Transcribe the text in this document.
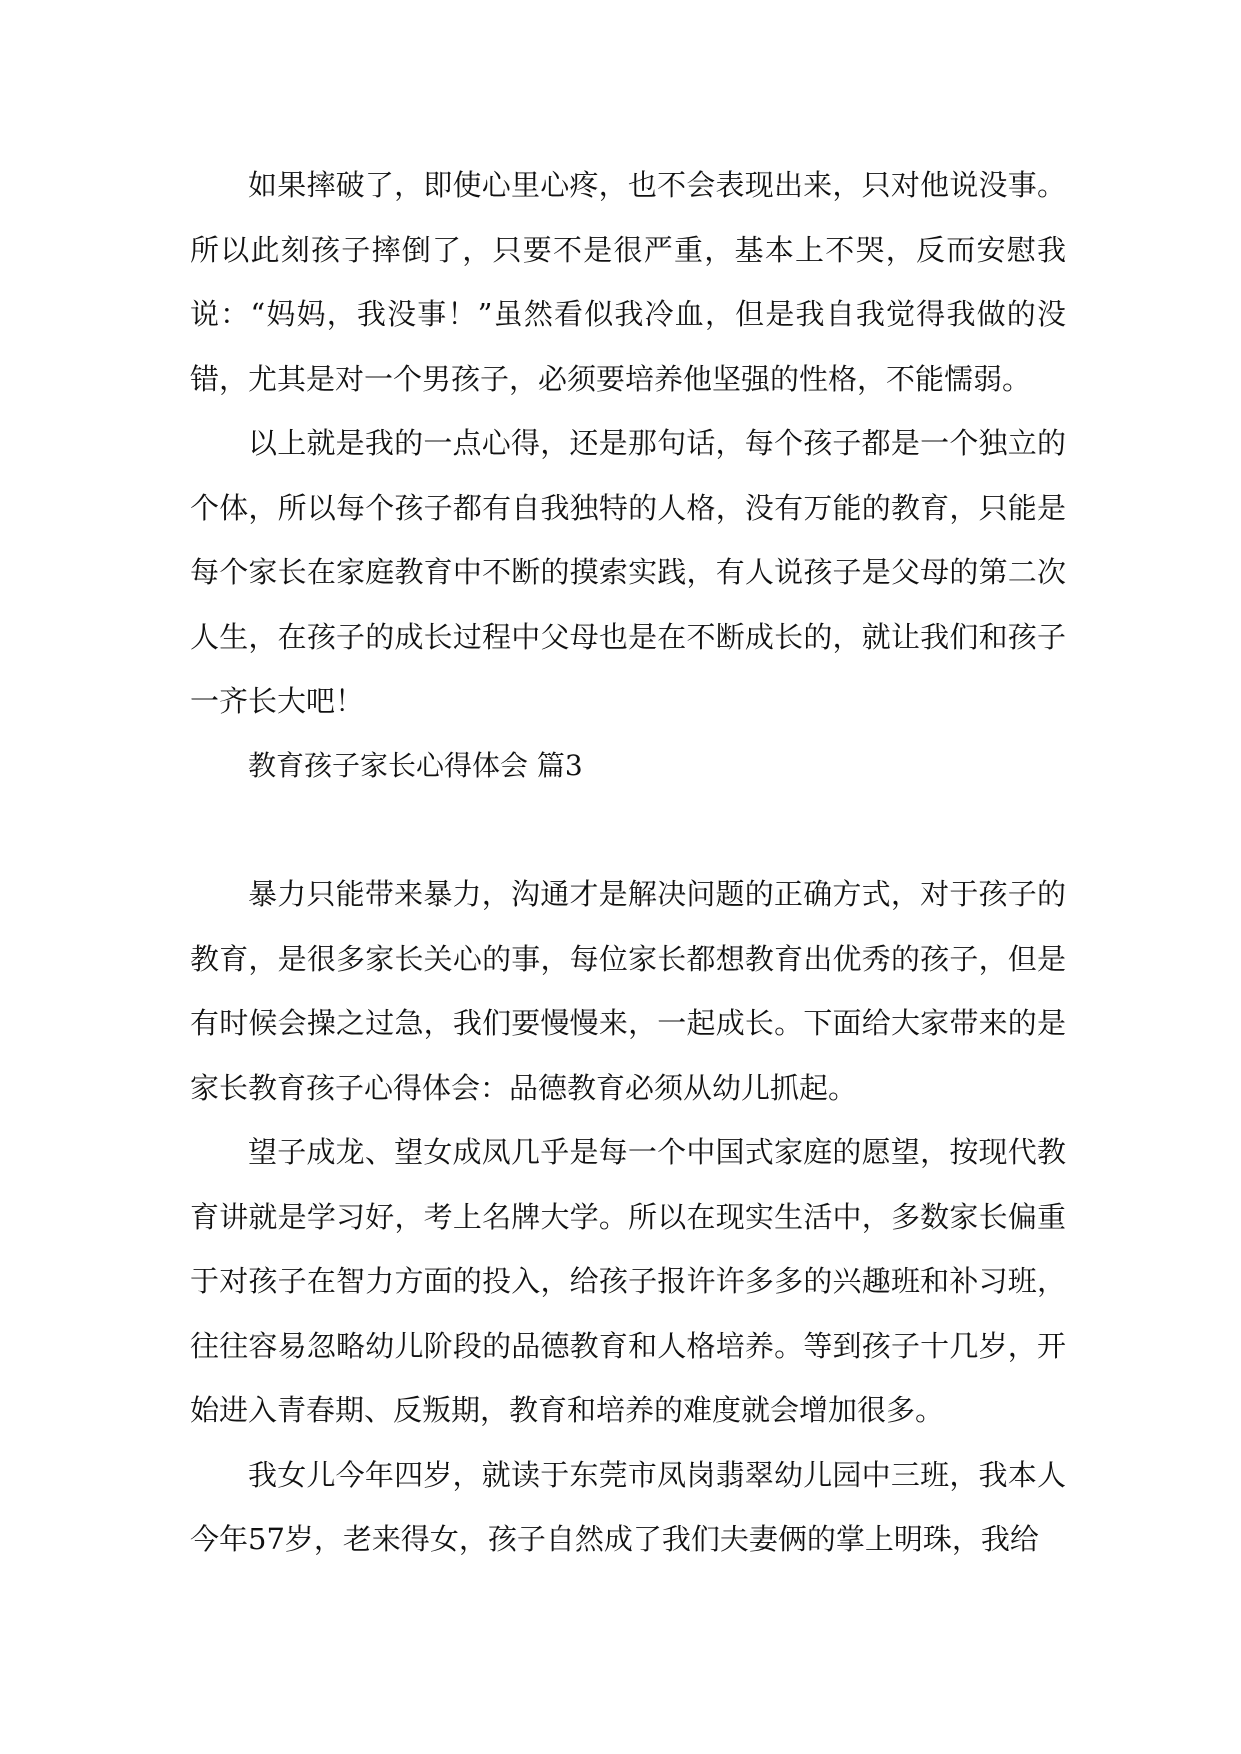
如果摔破了，即使心里心疼，也不会表现出来，只对他说没事。所以此刻孩子摔倒了，只要不是很严重，基本上不哭，反而安慰我说：“妈妈，我没事！”虽然看似我冷血，但是我自我觉得我做的没错，尤其是对一个男孩子，必须要培养他坚强的性格，不能懦弱。

以上就是我的一点心得，还是那句话，每个孩子都是一个独立的个体，所以每个孩子都有自我独特的人格，没有万能的教育，只能是每个家长在家庭教育中不断的摸索实践，有人说孩子是父母的第二次人生，在孩子的成长过程中父母也是在不断成长的，就让我们和孩子一齐长大吧！

教育孩子家长心得体会 篇3

暴力只能带来暴力，沟通才是解决问题的正确方式，对于孩子的教育，是很多家长关心的事，每位家长都想教育出优秀的孩子，但是有时候会操之过急，我们要慢慢来，一起成长。下面给大家带来的是家长教育孩子心得体会：品德教育必须从幼儿抓起。

望子成龙、望女成凤几乎是每一个中国式家庭的愿望，按现代教育讲就是学习好，考上名牌大学。所以在现实生活中，多数家长偏重于对孩子在智力方面的投入，给孩子报许许多多的兴趣班和补习班，往往容易忽略幼儿阶段的品德教育和人格培养。等到孩子十几岁，开始进入青春期、反叛期，教育和培养的难度就会增加很多。

我女儿今年四岁，就读于东莞市凤岗翡翠幼儿园中三班，我本人今年57岁，老来得女，孩子自然成了我们夫妻俩的掌上明珠，我给
